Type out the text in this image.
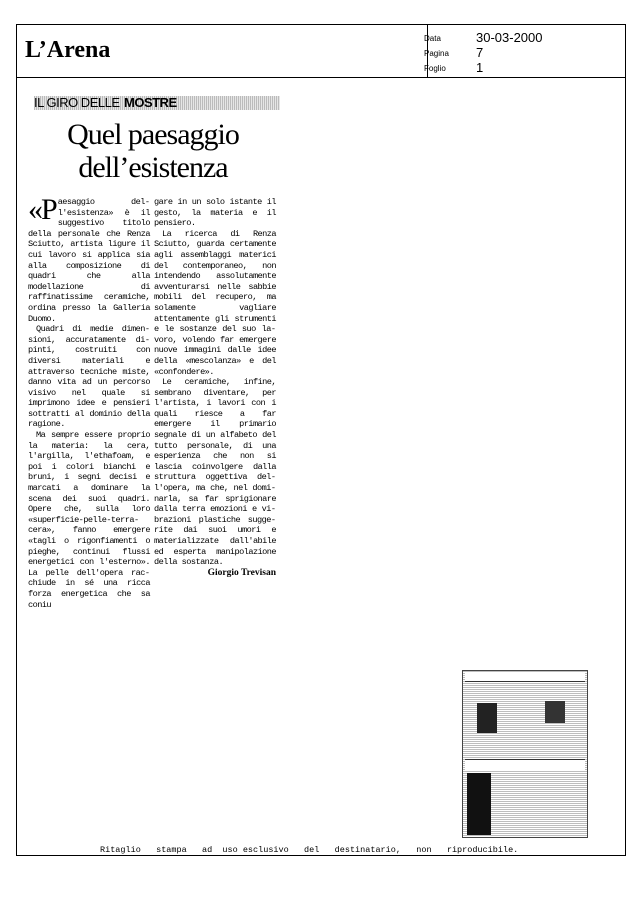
L’Arena	Data	30-03-2000
Pagina 7
Foglio 1
IL GIRO DELLE MOSTRE
Quel paesaggio
dell’esistenza

«Paesaggio dell'esistenza» è il suggestivo titolo della personale che Renza Sciutto, artista ligure il cui lavoro si applica sia alla composizione di quadri che alla modellazione di raffinatissime ceramiche, ordina presso la Galleria Duomo.

Quadri di medie dimensioni, accuratamente dipinti, costruiti con diversi materiali e attraverso tecniche miste, danno vita ad un percorso visivo nel quale si imprimono idee e pensieri sottratti al dominio della ragione.

Ma sempre essere proprio la materia: la cera, l'argilla, l'ethafoam, e poi i colori bianchi e bruni, i segni decisi e marcati a dominare la scena dei suoi quadri. Opere che, sulla loro «superficie-pelle-terra-cera», fanno emergere «tagli o rigonfiamenti o pieghe, continui flussi energetici con l'esterno». La pelle dell'opera racchiude in sé una ricca forza energetica che sa coniu

gare in un solo istante il gesto, la materia e il pensiero.

La ricerca di Renza Sciutto, guarda certamente agli assemblaggi materici del contemporaneo, non intendendo assolutamente avventurarsi nelle sabbie mobili del recupero, ma solamente vagliare attentamente gli strumenti e le sostanze del suo lavoro, volendo far emergere nuove immagini dalle idee della «mescolanza» e del «confondere».

Le ceramiche, infine, sembrano diventare, per l'artista, i lavori con i quali riesce a far emergere il primario segnale di un alfabeto del tutto personale, di una esperienza che non si lascia coinvolgere dalla struttura oggettiva dell'opera, ma che, nel dominarla, sa far sprigionare dalla terra emozioni e vibrazioni plastiche suggerite dai suoi umori e materializzate dall'abile ed esperta manipolazione della sostanza.

Giorgio Trevisan
Ritaglio   stampa   ad  uso esclusivo   del   destinatario,   non   riproducibile.
